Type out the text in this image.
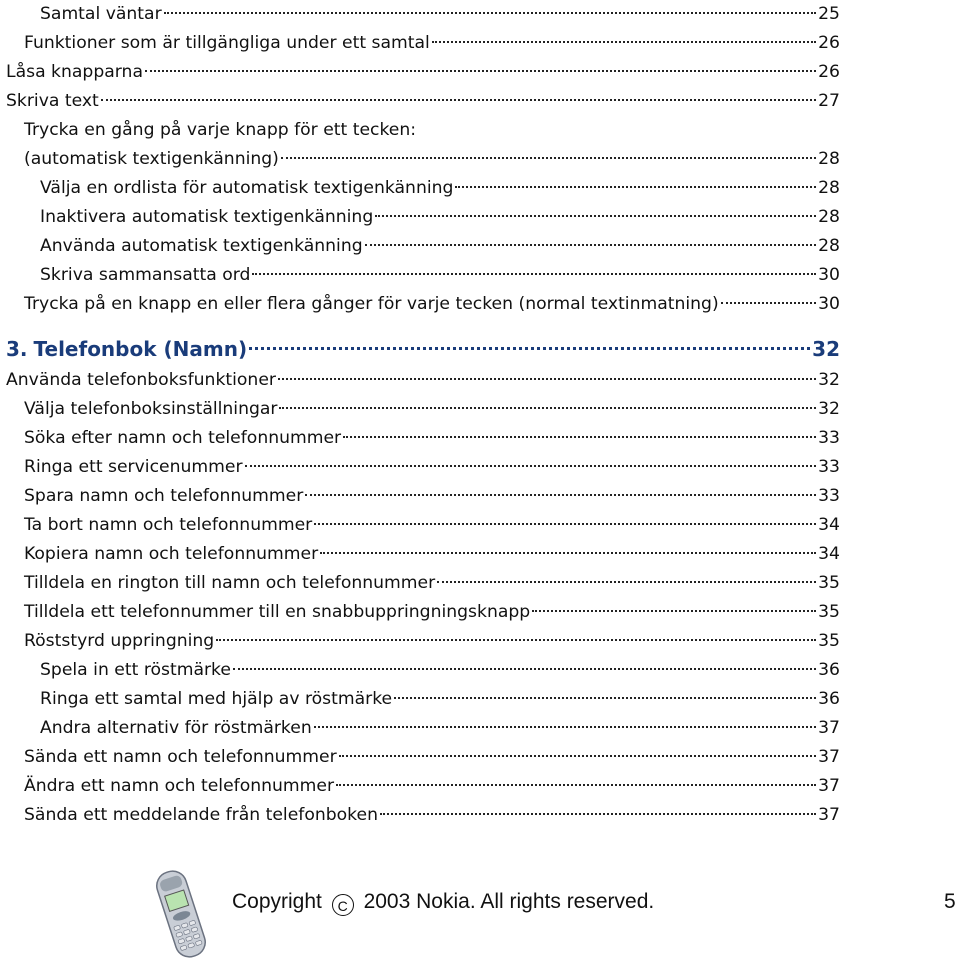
Samtal väntar	25
Funktioner som är tillgängliga under ett samtal	26
Låsa knapparna	26
Skriva text	27
Trycka en gång på varje knapp för ett tecken:
(automatisk textigenkänning)	28
Välja en ordlista för automatisk textigenkänning	28
Inaktivera automatisk textigenkänning	28
Använda automatisk textigenkänning	28
Skriva sammansatta ord	30
Trycka på en knapp en eller flera gånger för varje tecken (normal textinmatning)	30
3. Telefonbok (Namn)	32
Använda telefonboksfunktioner	32
Välja telefonboksinställningar	32
Söka efter namn och telefonnummer	33
Ringa ett servicenummer	33
Spara namn och telefonnummer	33
Ta bort namn och telefonnummer	34
Kopiera namn och telefonnummer	34
Tilldela en rington till namn och telefonnummer	35
Tilldela ett telefonnummer till en snabbuppringningsknapp	35
Röststyrd uppringning	35
Spela in ett röstmärke	36
Ringa ett samtal med hjälp av röstmärke	36
Andra alternativ för röstmärken	37
Sända ett namn och telefonnummer	37
Ändra ett namn och telefonnummer	37
Sända ett meddelande från telefonboken	37
Copyright C 2003 Nokia. All rights reserved.	5
